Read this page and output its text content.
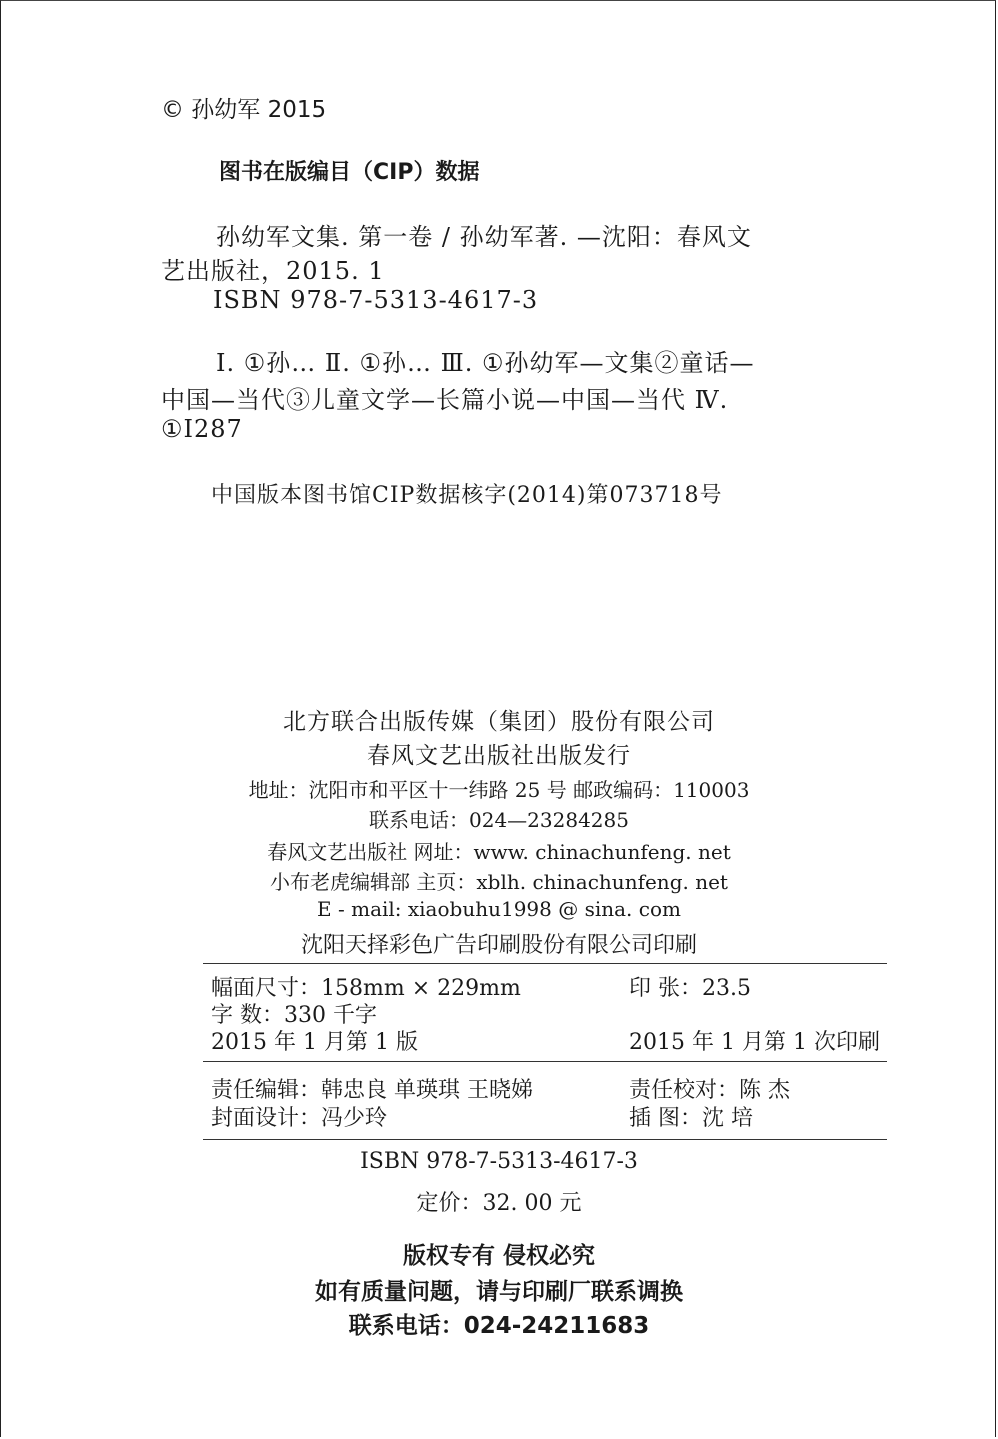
© 孙幼军 2015
图书在版编目（CIP）数据
孙幼军文集. 第一卷 / 孙幼军著. —沈阳：春风文
艺出版社，2015. 1
ISBN 978-7-5313-4617-3
Ⅰ. ①孙… Ⅱ. ①孙… Ⅲ. ①孙幼军—文集②童话—
中国—当代③儿童文学—长篇小说—中国—当代 Ⅳ.
①I287
中国版本图书馆CIP数据核字(2014)第073718号
北方联合出版传媒（集团）股份有限公司
春风文艺出版社出版发行
地址：沈阳市和平区十一纬路 25 号 邮政编码：110003
联系电话：024—23284285
春风文艺出版社 网址：www. chinachunfeng. net
小布老虎编辑部 主页：xblh. chinachunfeng. net
E - mail: xiaobuhu1998 @ sina. com
沈阳天择彩色广告印刷股份有限公司印刷
幅面尺寸：158mm × 229mm	印 张：23.5
字 数：330 千字
2015 年 1 月第 1 版	2015 年 1 月第 1 次印刷
责任编辑：韩忠良 单瑛琪 王晓娣	责任校对：陈 杰
封面设计：冯少玲	插 图：沈 培
ISBN 978-7-5313-4617-3
定价：32. 00 元
版权专有 侵权必究
如有质量问题，请与印刷厂联系调换
联系电话：024-24211683
